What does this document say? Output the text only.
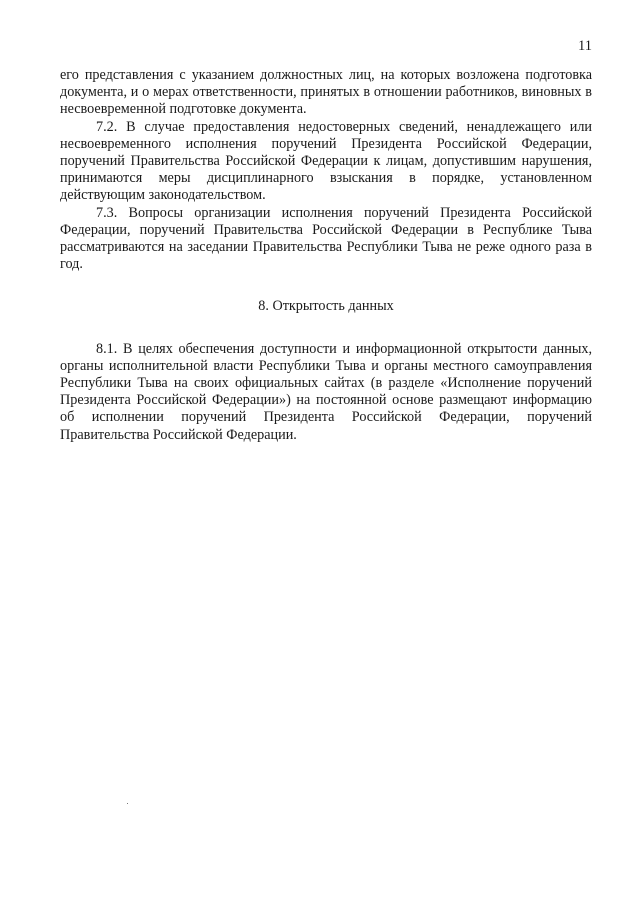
11

его представления с указанием должностных лиц, на которых возложена подготовка документа, и о мерах ответственности, принятых в отношении работников, виновных в несвоевременной подготовке документа.

7.2. В случае предоставления недостоверных сведений, ненадлежащего или несвоевременного исполнения поручений Президента Российской Федерации, поручений Правительства Российской Федерации к лицам, допустившим нарушения, принимаются меры дисциплинарного взыскания в порядке, установленном действующим законодательством.

7.3. Вопросы организации исполнения поручений Президента Российской Федерации, поручений Правительства Российской Федерации в Республике Тыва рассматриваются на заседании Правительства Республики Тыва не реже одного раза в год.

8. Открытость данных

8.1. В целях обеспечения доступности и информационной открытости данных, органы исполнительной власти Республики Тыва и органы местного самоуправления Республики Тыва на своих официальных сайтах (в разделе «Исполнение поручений Президента Российской Федерации») на постоянной основе размещают информацию об исполнении поручений Президента Российской Федерации, поручений Правительства Российской Федерации.
